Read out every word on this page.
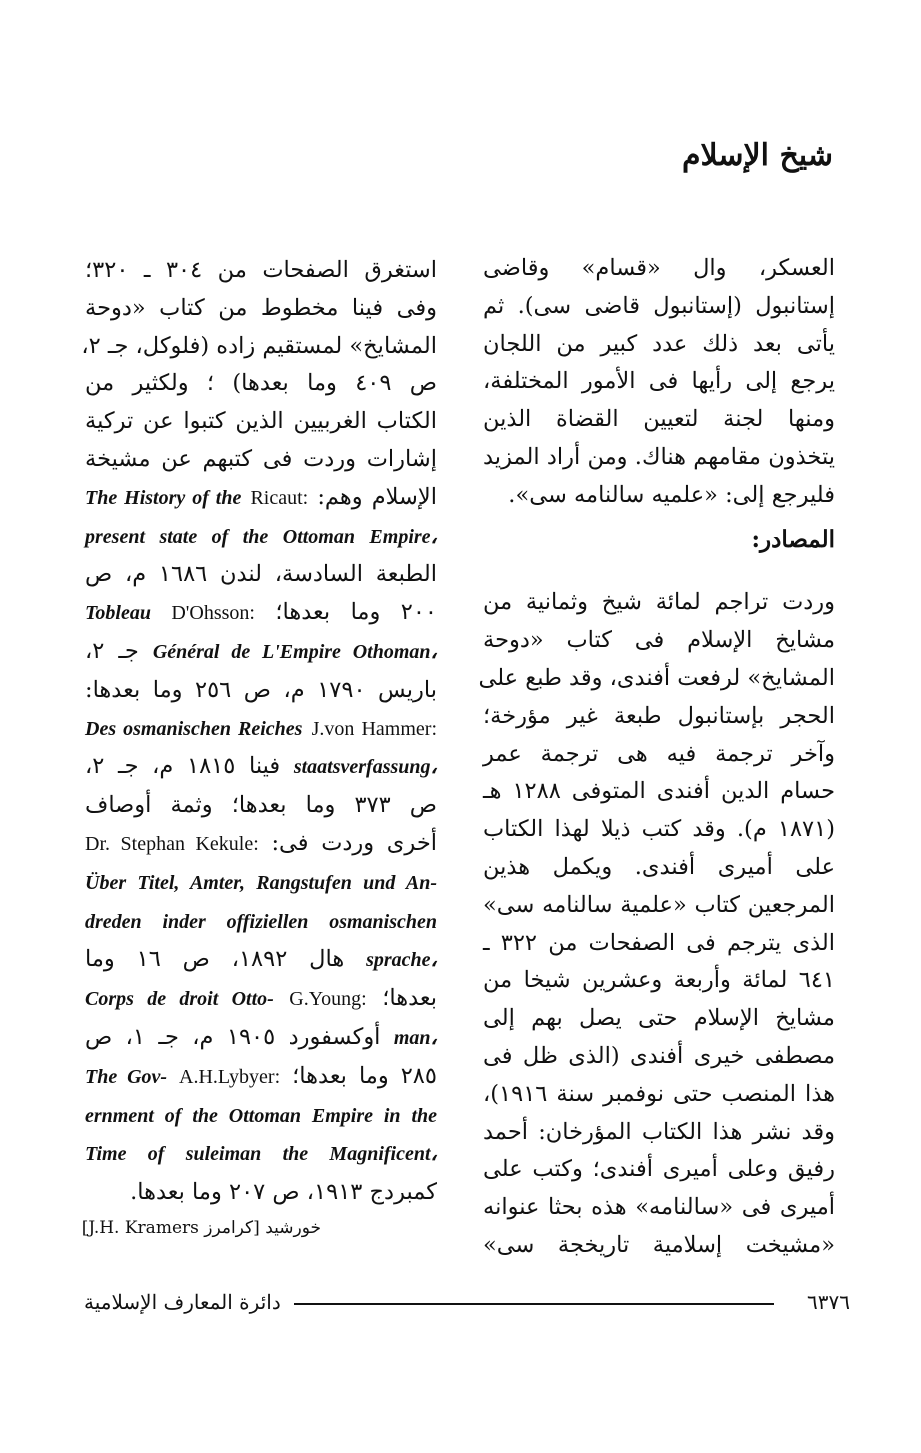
شيخ الإسلام

العسكر، وال «قسام» وقاضى
إستانبول (إستانبول قاضى سى). ثم
يأتى بعد ذلك عدد كبير من اللجان
يرجع إلى رأيها فى الأمور المختلفة،
ومنها لجنة لتعيين القضاة الذين
يتخذون مقامهم هناك. ومن أراد المزيد
فليرجع إلى: «علميه سالنامه سى».

المصادر:

وردت تراجم لمائة شيخ وثمانية من
مشايخ الإسلام فى كتاب «دوحة
المشايخ» لرفعت أفندى، وقد طبع على
الحجر بإستانبول طبعة غير مؤرخة؛
وآخر ترجمة فيه هى ترجمة عمر
حسام الدين أفندى المتوفى ١٢٨٨ هـ
(١٨٧١ م). وقد كتب ذيلا لهذا الكتاب
على أميرى أفندى. ويكمل هذين
المرجعين كتاب «علمية سالنامه سى»
الذى يترجم فى الصفحات من ٣٢٢ ـ
٦٤١ لمائة وأربعة وعشرين شيخا من
مشايخ الإسلام حتى يصل بهم إلى
مصطفى خيرى أفندى (الذى ظل فى
هذا المنصب حتى نوفمبر سنة ١٩١٦)،
وقد نشر هذا الكتاب المؤرخان: أحمد
رفيق وعلى أميرى أفندى؛ وكتب على
أميرى فى «سالنامه» هذه بحثا عنوانه
«مشيخت إسلامية تاريخجة سى»

استغرق الصفحات من ٣٠٤ ـ ٣٢٠؛
وفى فينا مخطوط من كتاب «دوحة
المشايخ» لمستقيم زاده (فلوكل، جـ ٢،
ص ٤٠٩ وما بعدها) ؛ ولكثير من
الكتاب الغربيين الذين كتبوا عن تركية
إشارات وردت فى كتبهم عن مشيخة
الإسلام وهم: Ricaut: The History of the
present state of the Ottoman Empire،
الطبعة السادسة، لندن ١٦٨٦ م، ص
٢٠٠ وما بعدها؛ D'Ohsson: Tobleau
Général de L'Empire Othoman، جـ ٢،
باريس ١٧٩٠ م، ص ٢٥٦ وما بعدها:
J.von Hammer: Des osmanischen Reiches
staatsverfassung، فينا ١٨١٥ م، جـ ٢،
ص ٣٧٣ وما بعدها؛ وثمة أوصاف
أخرى وردت فى: Dr. Stephan Kekule:
Über Titel, Amter, Rangstufen und An-
dreden inder offiziellen osmanischen
sprache، هال ١٨٩٢، ص ١٦ وما
بعدها؛ G.Young: Corps de droit Otto-
man، أوكسفورد ١٩٠٥ م، جـ ١، ص
٢٨٥ وما بعدها؛ A.H.Lybyer: The Gov-
ernment of the Ottoman Empire in the
Time of suleiman the Magnificent،
كمبردج ١٩١٣، ص ٢٠٧ وما بعدها.

خورشيد [كرامرز J.H. Kramers]
٦٣٧٦
دائرة المعارف الإسلامية
